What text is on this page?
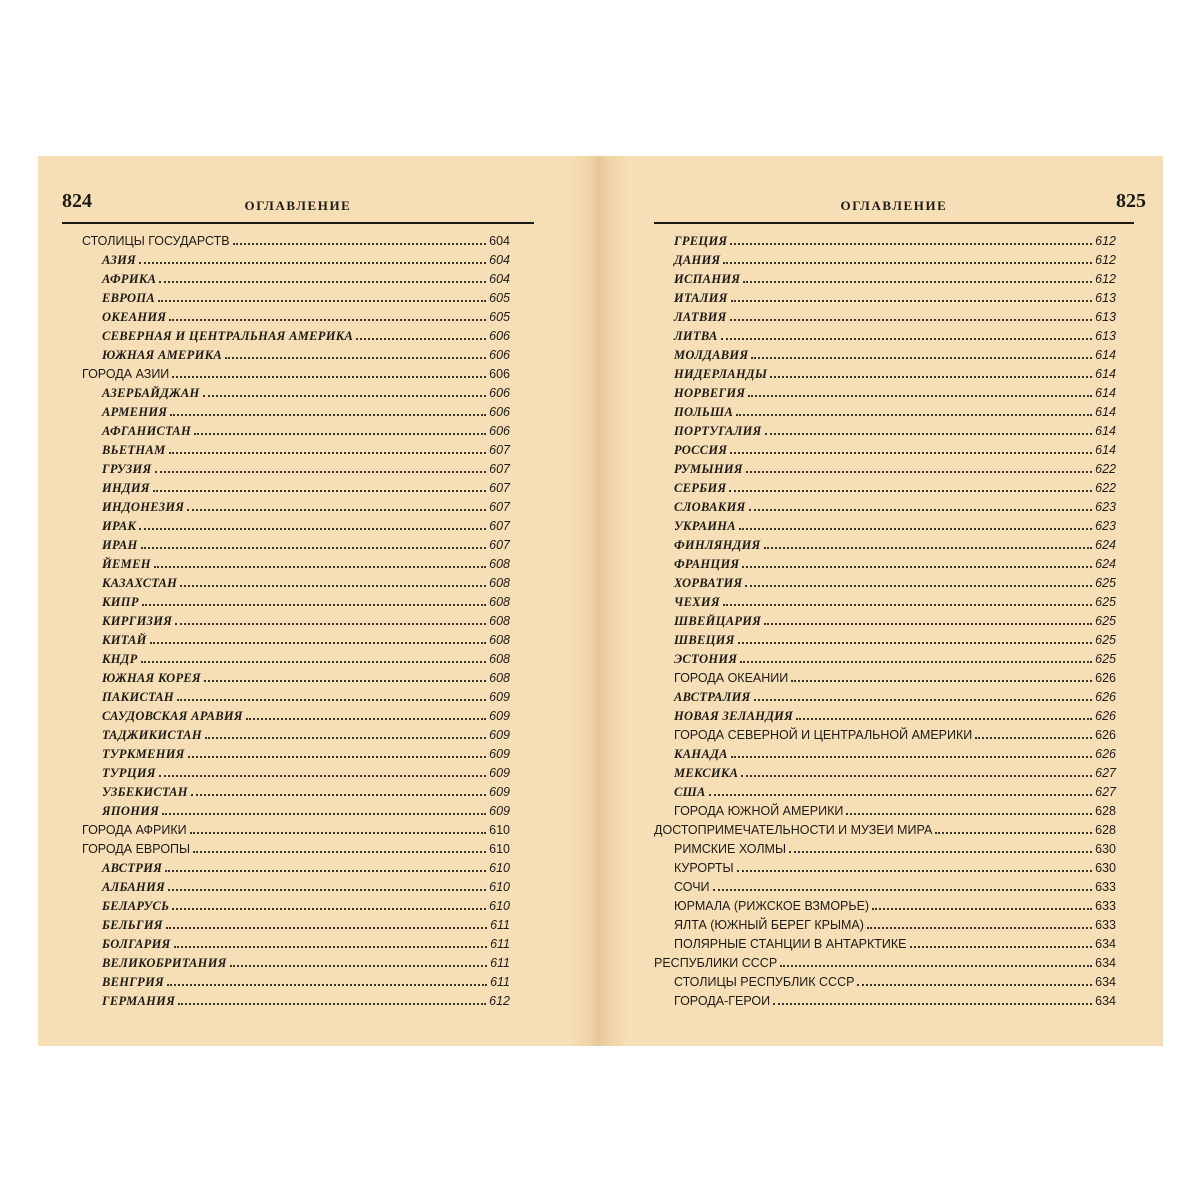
824	ОГЛАВЛЕНИЕ
СТОЛИЦЫ ГОСУДАРСТВ	604
АЗИЯ	604
АФРИКА	604
ЕВРОПА	605
ОКЕАНИЯ	605
СЕВЕРНАЯ И ЦЕНТРАЛЬНАЯ АМЕРИКА	606
ЮЖНАЯ АМЕРИКА	606
ГОРОДА АЗИИ	606
АЗЕРБАЙДЖАН	606
АРМЕНИЯ	606
АФГАНИСТАН	606
ВЬЕТНАМ	607
ГРУЗИЯ	607
ИНДИЯ	607
ИНДОНЕЗИЯ	607
ИРАК	607
ИРАН	607
ЙЕМЕН	608
КАЗАХСТАН	608
КИПР	608
КИРГИЗИЯ	608
КИТАЙ	608
КНДР	608
ЮЖНАЯ КОРЕЯ	608
ПАКИСТАН	609
САУДОВСКАЯ АРАВИЯ	609
ТАДЖИКИСТАН	609
ТУРКМЕНИЯ	609
ТУРЦИЯ	609
УЗБЕКИСТАН	609
ЯПОНИЯ	609
ГОРОДА АФРИКИ	610
ГОРОДА ЕВРОПЫ	610
АВСТРИЯ	610
АЛБАНИЯ	610
БЕЛАРУСЬ	610
БЕЛЬГИЯ	611
БОЛГАРИЯ	611
ВЕЛИКОБРИТАНИЯ	611
ВЕНГРИЯ	611
ГЕРМАНИЯ	612
825
ОГЛАВЛЕНИЕ
ГРЕЦИЯ	612
ДАНИЯ	612
ИСПАНИЯ	612
ИТАЛИЯ	613
ЛАТВИЯ	613
ЛИТВА	613
МОЛДАВИЯ	614
НИДЕРЛАНДЫ	614
НОРВЕГИЯ	614
ПОЛЬША	614
ПОРТУГАЛИЯ	614
РОССИЯ	614
РУМЫНИЯ	622
СЕРБИЯ	622
СЛОВАКИЯ	623
УКРАИНА	623
ФИНЛЯНДИЯ	624
ФРАНЦИЯ	624
ХОРВАТИЯ	625
ЧЕХИЯ	625
ШВЕЙЦАРИЯ	625
ШВЕЦИЯ	625
ЭСТОНИЯ	625
ГОРОДА ОКЕАНИИ	626
АВСТРАЛИЯ	626
НОВАЯ ЗЕЛАНДИЯ	626
ГОРОДА СЕВЕРНОЙ И ЦЕНТРАЛЬНОЙ АМЕРИКИ	626
КАНАДА	626
МЕКСИКА	627
США	627
ГОРОДА ЮЖНОЙ АМЕРИКИ	628
ДОСТОПРИМЕЧАТЕЛЬНОСТИ И МУЗЕИ МИРА	628
РИМСКИЕ ХОЛМЫ	630
КУРОРТЫ	630
СОЧИ	633
ЮРМАЛА (РИЖСКОЕ ВЗМОРЬЕ)	633
ЯЛТА (ЮЖНЫЙ БЕРЕГ КРЫМА)	633
ПОЛЯРНЫЕ СТАНЦИИ В АНТАРКТИКЕ	634
РЕСПУБЛИКИ СССР	634
СТОЛИЦЫ РЕСПУБЛИК СССР	634
ГОРОДА-ГЕРОИ	634
